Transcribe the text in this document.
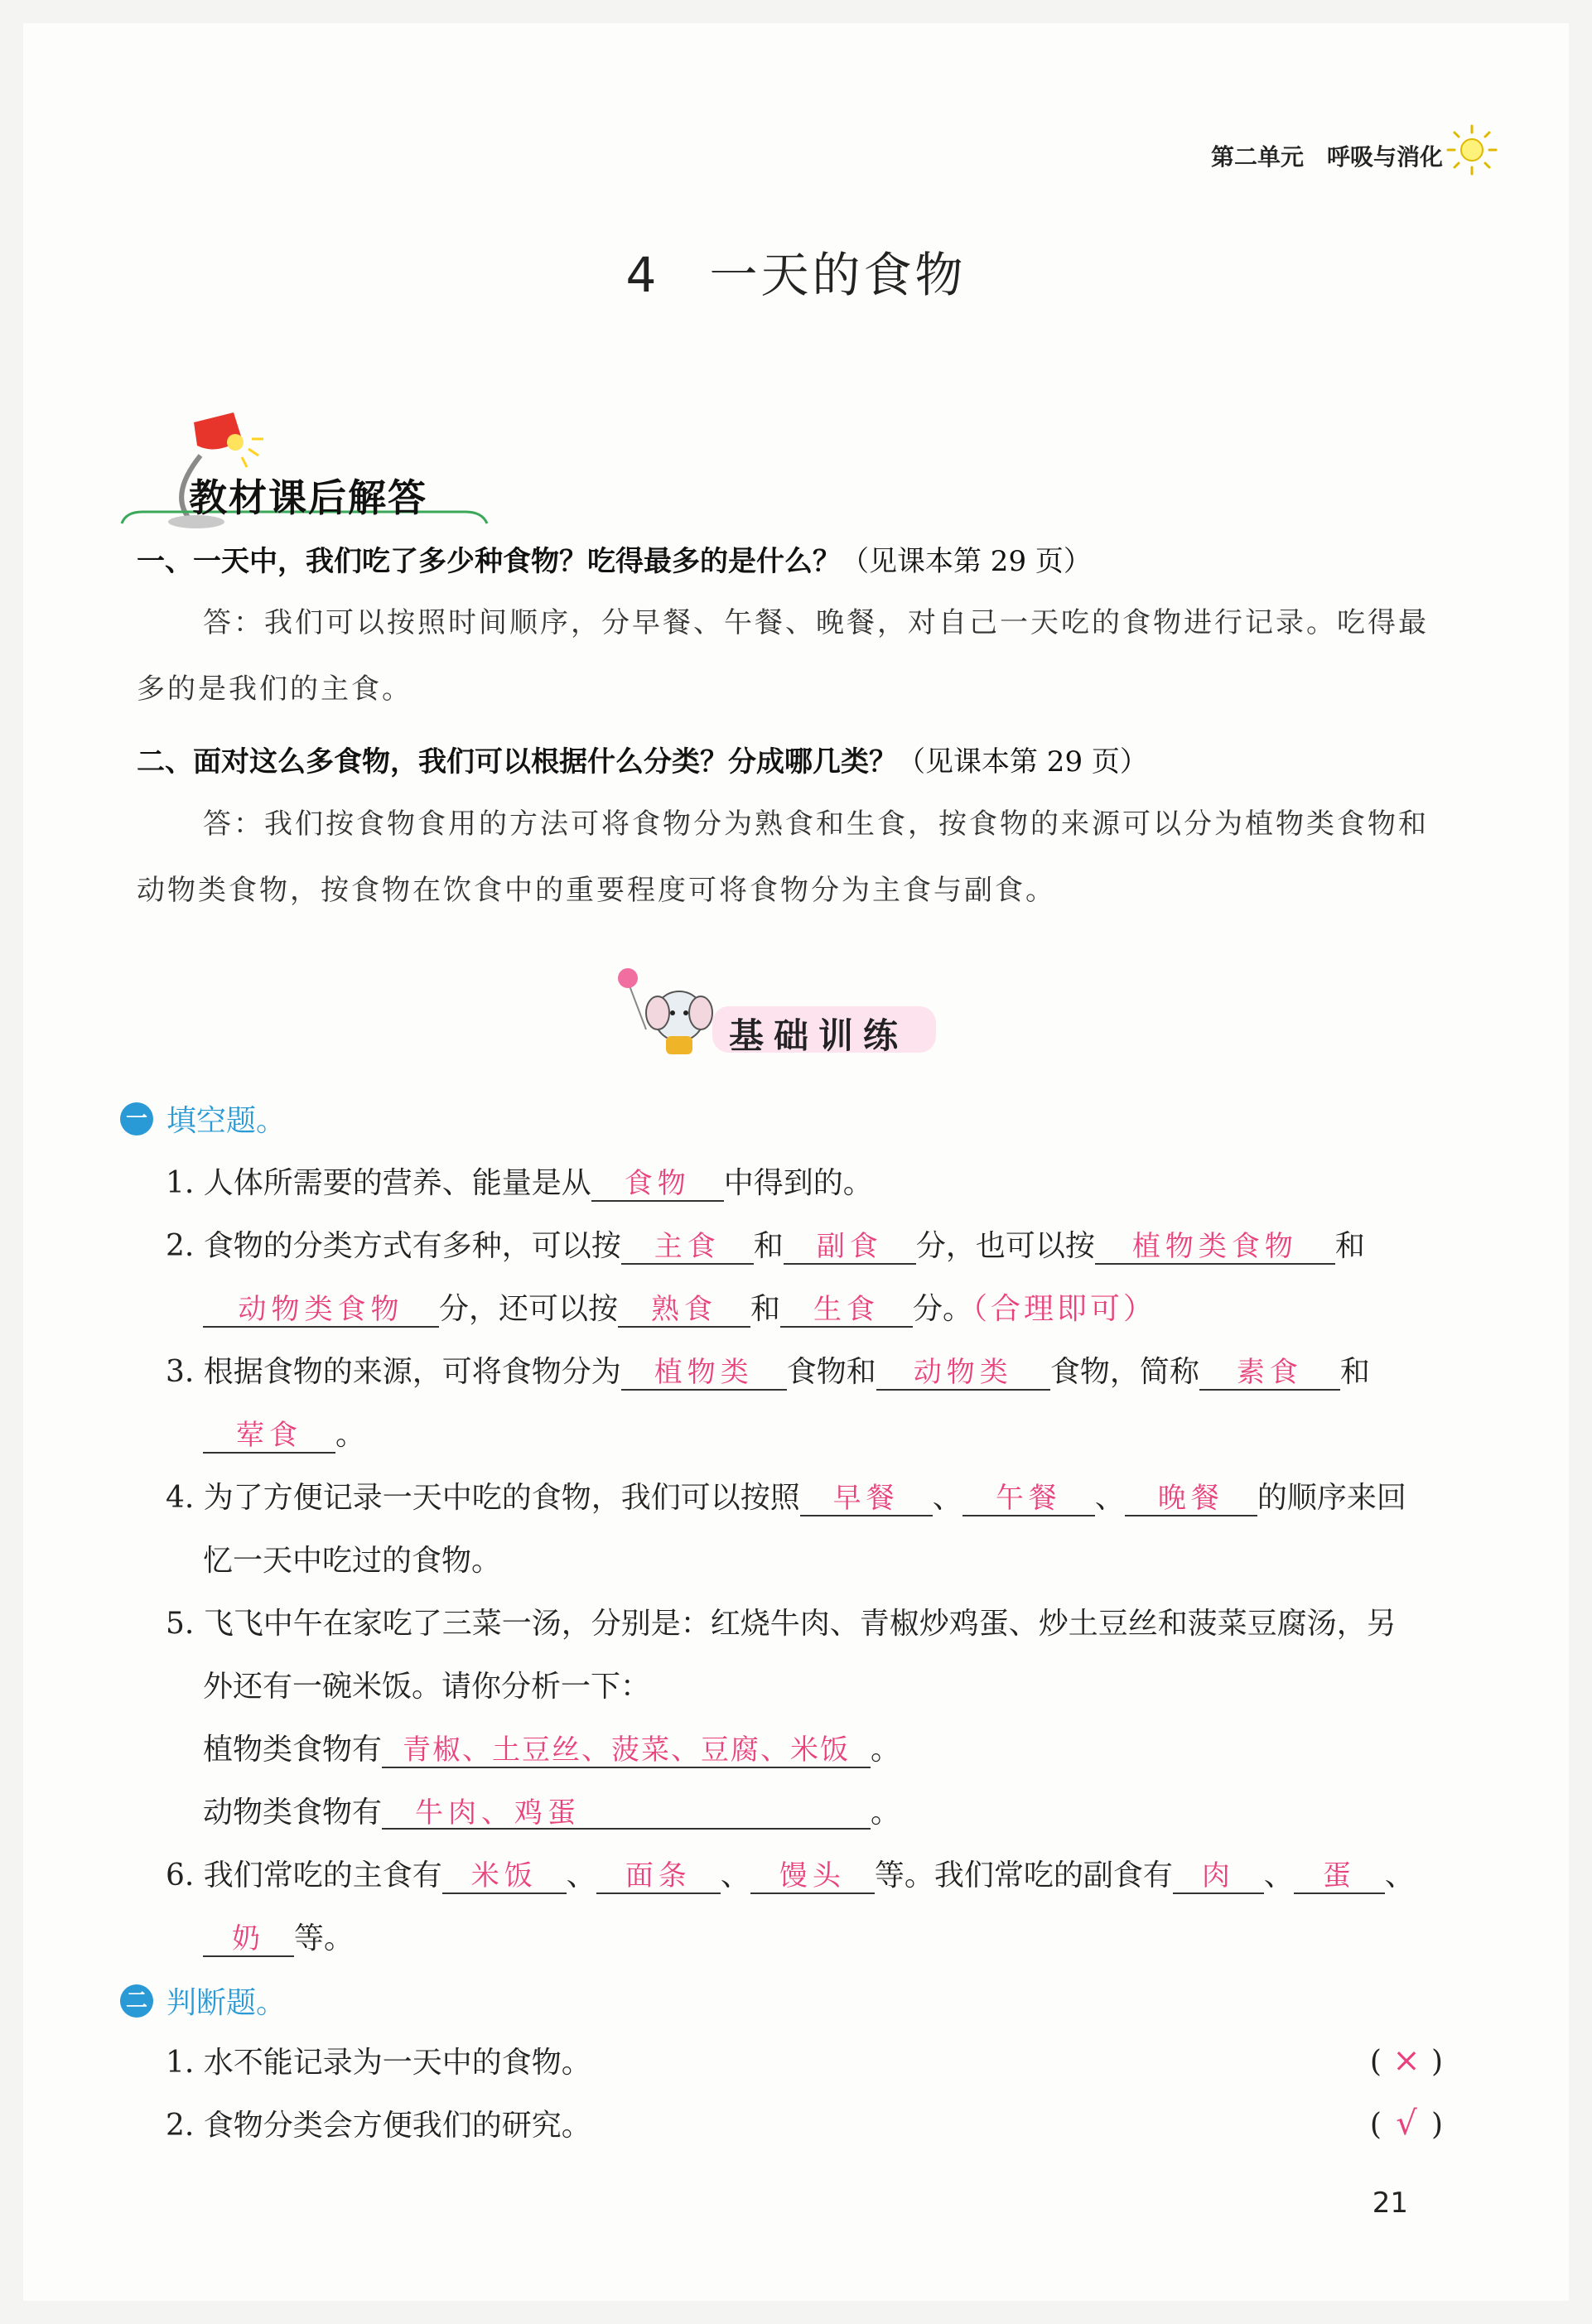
第二单元 呼吸与消化
4 一天的食物
教材课后解答
一、一天中，我们吃了多少种食物？吃得最多的是什么？（见课本第 29 页）
答：我们可以按照时间顺序，分早餐、午餐、晚餐，对自己一天吃的食物进行记录。吃得最多的是我们的主食。
二、面对这么多食物，我们可以根据什么分类？分成哪几类？（见课本第 29 页）
答：我们按食物食用的方法可将食物分为熟食和生食，按食物的来源可以分为植物类食物和动物类食物，按食物在饮食中的重要程度可将食物分为主食与副食。
基础训练
一 填空题。
1. 人体所需要的营养、能量是从 食物 中得到的。
2. 食物的分类方式有多种，可以按 主食 和 副食 分，也可以按 植物类食物 和
动物类食物 分，还可以按 熟食 和 生食 分。（合理即可）
3. 根据食物的来源，可将食物分为 植物类 食物和 动物类 食物，简称 素食 和
荤食 。
4. 为了方便记录一天中吃的食物，我们可以按照 早餐 、 午餐 、 晚餐 的顺序来回
忆一天中吃过的食物。
5. 飞飞中午在家吃了三菜一汤，分别是：红烧牛肉、青椒炒鸡蛋、炒土豆丝和菠菜豆腐汤，另
外还有一碗米饭。请你分析一下：
植物类食物有 青椒、土豆丝、菠菜、豆腐、米饭 。
动物类食物有 牛肉、鸡蛋	。
6. 我们常吃的主食有 米饭 、 面条 、 馒头 等。我们常吃的副食有 肉 、 蛋 、
奶 等。
二 判断题。
1. 水不能记录为一天中的食物。	( × )
2. 食物分类会方便我们的研究。	( √ )
21
